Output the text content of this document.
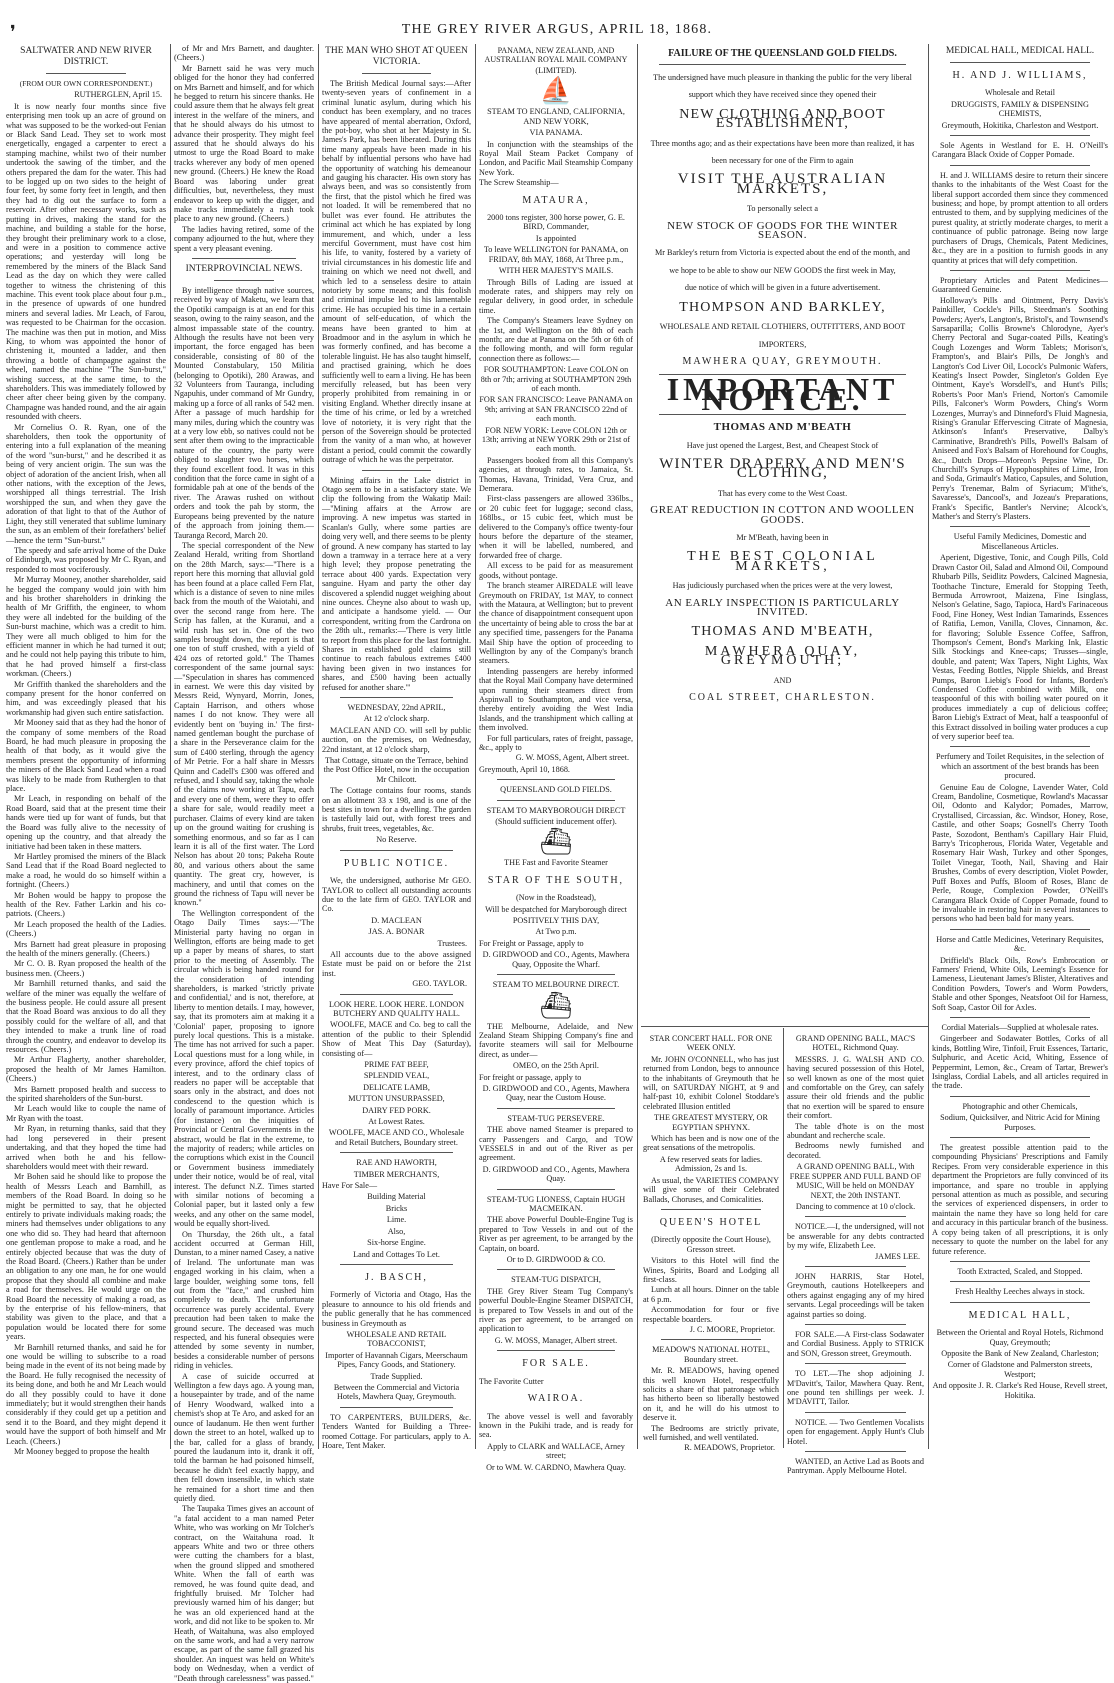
❜	THE GREY RIVER ARGUS, APRIL 18, 1868.
SALTWATER AND NEW RIVER DISTRICT.
(FROM OUR OWN CORRESPONDENT.)
RUTHERGLEN, April 15.

It is now nearly four months since five enterprising men took up an acre of ground on what was supposed to be the worked-out Fenian or Black Sand Lead. They set to work most energetically, engaged a carpenter to erect a stamping machine, whilst two of their number undertook the sawing of the timber, and the others prepared the dam for the water. This had to be logged up on two sides to the height of four feet, by some forty feet in length, and then they had to dig out the surface to form a reservoir. After other necessary works, such as putting in drives, making the stand for the machine, and building a stable for the horse, they brought their preliminary work to a close, and were in a position to commence active operations; and yesterday will long be remembered by the miners of the Black Sand Lead as the day on which they were called together to witness the christening of this machine. This event took place about four p.m., in the presence of upwards of one hundred miners and several ladies. Mr Leach, of Farou, was requested to be Chairman for the occasion. The machine was then put in motion, and Miss King, to whom was appointed the honor of christening it, mounted a ladder, and then throwing a bottle of champagne against the wheel, named the machine "The Sun-burst," wishing success, at the same time, to the shareholders. This was immediately followed by cheer after cheer being given by the company. Champagne was handed round, and the air again resounded with cheers.

Mr Cornelius O. R. Ryan, one of the shareholders, then took the opportunity of entering into a full explanation of the meaning of the word "sun-burst," and he described it as being of very ancient origin. The sun was the object of adoration of the ancient Irish, when all other nations, with the exception of the Jews, worshipped all things terrestrial. The Irish worshipped the sun, and when they gave the adoration of that light to that of the Author of Light, they still venerated that sublime luminary the sun, as an emblem of their forefathers' belief—hence the term "Sun-burst."

The speedy and safe arrival home of the Duke of Edinburgh, was proposed by Mr C. Ryan, and responded to most vociferously.

Mr Murray Mooney, another shareholder, said he begged the company would join with him and his brother shareholders in drinking the health of Mr Griffith, the engineer, to whom they were all indebted for the building of the Sun-burst machine, which was a credit to him. They were all much obliged to him for the efficient manner in which he had turned it out; and he could not help paying this tribute to him, that he had proved himself a first-class workman. (Cheers.)

Mr Griffith thanked the shareholders and the company present for the honor conferred on him, and was exceedingly pleased that his workmanship had given such entire satisfaction.

Mr Mooney said that as they had the honor of the company of some members of the Road Board, he had much pleasure in proposing the health of that body, as it would give the members present the opportunity of informing the miners of the Black Sand Lead when a road was likely to be made from Rutherglen to that place.

Mr Leach, in responding on behalf of the Road Board, said that at the present time their hands were tied up for want of funds, but that the Board was fully alive to the necessity of opening up the country, and that already the initiative had been taken in these matters.

Mr Hartley promised the miners of the Black Sand Lead that if the Road Board neglected to make a road, he would do so himself within a fortnight. (Cheers.)

Mr Bohen would be happy to propose the health of the Rev. Father Larkin and his co-patriots. (Cheers.)

Mr Leach proposed the health of the Ladies. (Cheers.)

Mrs Barnett had great pleasure in proposing the health of the miners generally. (Cheers.)

Mr C. O. B. Ryan proposed the health of the business men. (Cheers.)

Mr Barnhill returned thanks, and said the welfare of the miner was equally the welfare of the business people. He could assure all present that the Road Board was anxious to do all they possibly could for the welfare of all, and that they intended to make a trunk line of road through the country, and endeavor to develop its resources. (Cheers.)

Mr Arthur Flagherty, another shareholder, proposed the health of Mr James Hamilton. (Cheers.)

Mrs Barnett proposed health and success to the spirited shareholders of the Sun-burst.

Mr Leach would like to couple the name of Mr Ryan with the toast.

Mr Ryan, in returning thanks, said that they had long persevered in their present undertaking, and that they hoped the time had arrived when both he and his fellow-shareholders would meet with their reward.

Mr Bohen said he should like to propose the health of Messrs Leach and Barnhill, as members of the Road Board. In doing so he might be permitted to say, that he objected entirely to private individuals making roads; the miners had themselves under obligations to any one who did so. They had heard that afternoon one gentleman propose to make a road, and he entirely objected because that was the duty of the Road Board. (Cheers.) Rather than be under an obligation to any one man, he for one would propose that they should all combine and make a road for themselves. He would urge on the Road Board the necessity of making a road, as by the enterprise of his fellow-miners, that stability was given to the place, and that a population would be located there for some years.

Mr Barnhill returned thanks, and said he for one would be willing to subscribe to a road being made in the event of its not being made by the Board. He fully recognised the necessity of its being done, and both he and Mr Leach would do all they possibly could to have it done immediately; but it would strengthen their hands considerably if they could get up a petition and send it to the Board, and they might depend it would have the support of both himself and Mr Leach. (Cheers.)

Mr Mooney begged to propose the health

of Mr and Mrs Barnett, and daughter. (Cheers.)

Mr Barnett said he was very much obliged for the honor they had conferred on Mrs Barnett and himself, and for which he begged to return his sincere thanks. He could assure them that he always felt great interest in the welfare of the miners, and that he should always do his utmost to advance their prosperity. They might feel assured that he should always do his utmost to urge the Road Board to make tracks wherever any body of men opened new ground. (Cheers.) He knew the Road Board was laboring under great difficulties, but, nevertheless, they must endeavor to keep up with the digger, and make tracks immediately a rush took place to any new ground. (Cheers.)

The ladies having retired, some of the company adjourned to the hut, where they spent a very pleasant evening.

INTERPROVINCIAL NEWS.

By intelligence through native sources, received by way of Maketu, we learn that the Opotiki campaign is at an end for this season, owing to the rainy season, and the almost impassable state of the country. Although the results have not been very important, the force engaged has been considerable, consisting of 80 of the Mounted Constabulary, 150 Militia (belonging to Opotiki), 280 Arawas, and 32 Volunteers from Tauranga, including Ngapuhis, under command of Mr Gundry, making up a force of all ranks of 542 men. After a passage of much hardship for many miles, during which the country was at a very low ebb, so natives could not be sent after them owing to the impracticable nature of the country, the party were obliged to slaughter two horses, which they found excellent food. It was in this condition that the force came in sight of a formidable pah at one of the bends of the river. The Arawas rushed on without orders and took the pah by storm, the Europeans being prevented by the nature of the approach from joining them.—Tauranga Record, March 20.

The special correspondent of the New Zealand Herald, writing from Shortland on the 28th March, says:—"There is a report here this morning that alluvial gold has been found at a place called Fern Flat, which is a distance of seven to nine miles back from the mouth of the Waiotahi, and over the second range from here. The Scrip has fallen, at the Kuranui, and a wild rush has set in. One of the two samples brought down, the report is that one ton of stuff crushed, with a yield of 424 ozs of retorted gold." The Thames correspondent of the same journal says:—"Speculation in shares has commenced in earnest. We were this day visited by Messrs Reid, Wynyard, Morrin, Jones, Captain Harrison, and others whose names I do not know. They were all evidently bent on 'buying in.' The first-named gentleman bought the purchase of a share in the Perseverance claim for the sum of £400 sterling, through the agency of Mr Petrie. For a half share in Messrs Quinn and Cadell's £300 was offered and refused, and I should say, taking the whole of the claims now working at Tapu, each and every one of them, were they to offer a share for sale, would readily meet a purchaser. Claims of every kind are taken up on the ground waiting for crushing is something enormous, and so far as I can learn it is all of the first water. The Lord Nelson has about 20 tons; Pakeha Route 80, and various others about the same quantity. The great cry, however, is machinery, and until that comes on the ground the richness of Tapu will never be known."

The Wellington correspondent of the Otago Daily Times says:—"The Ministerial party having no organ in Wellington, efforts are being made to get up a paper by means of shares, to start prior to the meeting of Assembly. The circular which is being handed round for the consideration of intending shareholders, is marked 'strictly private and confidential,' and is not, therefore, at liberty to mention details. I may, however, say, that its promoters aim at making it a 'Colonial' paper, proposing to ignore purely local questions. This is a mistake. The time has not arrived for such a paper. Local questions must for a long while, in every province, afford the chief topics of interest, and to the ordinary class of readers no paper will be acceptable that soars only in the abstract, and does not condescend to the question which is locally of paramount importance. Articles (for instance) on the iniquities of Provincial or Central Governments in the abstract, would be flat in the extreme, to the majority of readers; while articles on the corruptions which exist in the Council or Government business immediately under their notice, would be of real, vital interest. The defunct N.Z. Times started with similar notions of becoming a Colonial paper, but it lasted only a few weeks, and any other on the same model, would be equally short-lived.

On Thursday, the 26th ult., a fatal accident occurred at German Hill, Dunstan, to a miner named Casey, a native of Ireland. The unfortunate man was engaged working in his claim, when a large boulder, weighing some tons, fell out from the "face," and crushed him completely to death. The unfortunate occurrence was purely accidental. Every precaution had been taken to make the ground secure. The deceased was much respected, and his funeral obsequies were attended by some seventy in number, besides a considerable number of persons riding in vehicles.

A case of suicide occurred at Wellington a few days ago. A young man, a housepainter by trade, and of the name of Henry Woodward, walked into a chemist's shop at Te Aro, and asked for an ounce of laudanum. He then went further down the street to an hotel, walked up to the bar, called for a glass of brandy, poured the laudanum into it, drank it off, told the barman he had poisoned himself, because he didn't feel exactly happy, and then fell down insensible, in which state he remained for a short time and then quietly died.

The Taupaka Times gives an account of "a fatal accident to a man named Peter White, who was working on Mr Tolcher's contract, on the Waitahuna road. It appears White and two or three others were cutting the chambers for a blast, when the ground slipped and smothered White. When the fall of earth was removed, he was found quite dead, and frightfully bruised. Mr Tolcher had previously warned him of his danger; but he was an old experienced hand at the work, and did not like to be spoken to. Mr Heath, of Waitahuna, was also employed on the same work, and had a very narrow escape, as part of the same fall grazed his shoulder. An inquest was held on White's body on Wednesday, when a verdict of "Death through carelessness" was passed."

THE MAN WHO SHOT AT QUEEN VICTORIA.

The British Medical Journal says:—After twenty-seven years of confinement in a criminal lunatic asylum, during which his conduct has been exemplary, and no traces have appeared of mental aberration, Oxford, the pot-boy, who shot at her Majesty in St. James's Park, has been liberated. During this time many appeals have been made in his behalf by influential persons who have had the opportunity of watching his demeanour and gauging his character. His own story has always been, and was so consistently from the first, that the pistol which he fired was not loaded. It will be remembered that no bullet was ever found. He attributes the criminal act which he has expiated by long immurement, and which, under a less merciful Government, must have cost him his life, to vanity, fostered by a variety of trivial circumstances in his domestic life and training on which we need not dwell, and which led to a senseless desire to attain notoriety by some means; and this foolish and criminal impulse led to his lamentable crime. He has occupied his time in a certain amount of self-education, of which the means have been granted to him at Broadmoor and in the asylum in which he was formerly confined, and has become a tolerable linguist. He has also taught himself, and practised graining, which he does sufficiently well to earn a living. He has been mercifully released, but has been very properly prohibited from remaining in or visiting England. Whether directly insane at the time of his crime, or led by a wretched love of notoriety, it is very right that the person of the Sovereign should be protected from the vanity of a man who, at however distant a period, could commit the cowardly outrage of which he was the perpetrator.

Mining affairs in the Lake district in Otago seem to be in a satisfactory state. We clip the following from the Wakatip Mail:—"Mining affairs at the Arrow are improving. A new impetus was started in Scanlan's Gully, where some parties are doing very well, and there seems to be plenty of ground. A new company has started to lay down a tramway in a terrace here at a very high level; they propose penetrating the terrace about 400 yards. Expectation very sanguine. Hyam and party the other day discovered a splendid nugget weighing about nine ounces. Cheyne also about to wash up, and anticipate a handsome yield. — Our correspondent, writing from the Cardrona on the 28th ult., remarks:—'There is very little to report from this place for the last fortnight. Shares in established gold claims still continue to reach fabulous extremes £400 having been given in two instances for shares, and £500 having been actually refused for another share.'"

WEDNESDAY, 22nd APRIL,
At 12 o'clock sharp.

MACLEAN AND CO. will sell by public auction, on the premises, on Wednesday, 22nd instant, at 12 o'clock sharp,

That Cottage, situate on the Terrace, behind the Post Office Hotel, now in the occupation Mr Chilcott.

The Cottage contains four rooms, stands on an allotment 33 x 198, and is one of the best sites in town for a dwelling. The garden is tastefully laid out, with forest trees and shrubs, fruit trees, vegetables, &c.

No Reserve.
PUBLIC NOTICE.

We, the undersigned, authorise Mr GEO. TAYLOR to collect all outstanding accounts due to the late firm of GEO. TAYLOR and Co.

D. MACLEAN
JAS. A. BONAR
Trustees.

All accounts due to the above assigned Estate must be paid on or before the 21st inst.

GEO. TAYLOR.
LOOK HERE. LOOK HERE. LONDON BUTCHERY AND QUALITY HALL.

WOOLFE, MACE and Co. beg to call the attention of the public to their Splendid Show of Meat This Day (Saturday), consisting of—

PRIME FAT BEEF,
SPLENDID VEAL,
DELICATE LAMB,
MUTTON UNSURPASSED,
DAIRY FED PORK.
At Lowest Rates.
WOOLFE, MACE AND CO., Wholesale and Retail Butchers, Boundary street.
RAE AND HAWORTH,
TIMBER MERCHANTS,
Have For Sale—
Building Material
Bricks
Lime.
Also,
Six-horse Engine.
Land and Cottages To Let.
J. BASCH,

Formerly of Victoria and Otago, Has the pleasure to announce to his old friends and the public generally that he has commenced business in Greymouth as

WHOLESALE AND RETAIL TOBACCONIST,
Importer of Havannah Cigars, Meerschaum Pipes, Fancy Goods, and Stationery.
Trade Supplied.
Between the Commercial and Victoria Hotels, Mawhera Quay, Greymouth.

TO CARPENTERS, BUILDERS, &c. Tenders Wanted for Building a Three-roomed Cottage. For particulars, apply to A. Hoare, Tent Maker.

PANAMA, NEW ZEALAND, AND AUSTRALIAN ROYAL MAIL COMPANY
(LIMITED).
⛵
STEAM TO ENGLAND, CALIFORNIA, AND NEW YORK,
VIA PANAMA.

In conjunction with the steamships of the Royal Mail Steam Packet Company of London, and Pacific Mail Steamship Company New York.

The Screw Steamship—
MATAURA,

2000 tons register, 300 horse power, G. E. BIRD, Commander,

Is appointed

To leave WELLINGTON for PANAMA, on FRIDAY, 8th MAY, 1868, At Three p.m.,

WITH HER MAJESTY'S MAILS.

Through Bills of Lading are issued at moderate rates, and shippers may rely on regular delivery, in good order, in schedule time.

The Company's Steamers leave Sydney on the 1st, and Wellington on the 8th of each month; are due at Panama on the 5th or 6th of the following month, and will form regular connection there as follows:—

FOR SOUTHAMPTON: Leave COLON on 8th or 7th; arriving at SOUTHAMPTON 29th of each month.

FOR SAN FRANCISCO: Leave PANAMA on 9th; arriving at SAN FRANCISCO 22nd of each month.

FOR NEW YORK: Leave COLON 12th or 13th; arriving at NEW YORK 29th or 21st of each month.

Passengers booked from all this Company's agencies, at through rates, to Jamaica, St. Thomas, Havana, Trinidad, Vera Cruz, and Demerara.

First-class passengers are allowed 336lbs., or 20 cubic feet for luggage; second class, 168lbs., or 15 cubic feet, which must be delivered to the Company's office twenty-four hours before the departure of the steamer, when it will be labelled, numbered, and forwarded free of charge.

All excess to be paid for as measurement goods, without pontage.

The branch steamer AIREDALE will leave Greymouth on FRIDAY, 1st MAY, to connect with the Mataura, at Wellington; but to prevent the chance of disappointment consequent upon the uncertainty of being able to cross the bar at any specified time, passengers for the Panama Mail Ship have the option of proceeding to Wellington by any of the Company's branch steamers.

Intending passengers are hereby informed that the Royal Mail Company have determined upon running their steamers direct from Aspinwall to Southampton, and vice versa, thereby entirely avoiding the West India Islands, and the transhipment which calling at them involved.

For full particulars, rates of freight, passage, &c., apply to

G. W. MOSS, Agent, Albert street.
Greymouth, April 10, 1868.
QUEENSLAND GOLD FIELDS.
STEAM TO MARYBOROUGH DIRECT
(Should sufficient inducement offer).
⛴
THE Fast and Favorite Steamer
STAR OF THE SOUTH,
(Now in the Roadstead),
Will be despatched for Maryborough direct
POSITIVELY THIS DAY,
At Two p.m.
For Freight or Passage, apply to
D. GIRDWOOD and CO., Agents, Mawhera Quay, Opposite the Wharf.
STEAM TO MELBOURNE DIRECT.
⛴

THE Melbourne, Adelaide, and New Zealand Steam Shipping Company's fine and favorite steamers will sail for Melbourne direct, as under—

OMEO, on the 25th April.
For freight or passage, apply to
D. GIRDWOOD and CO., Agents, Mawhera Quay, near the Custom House.
STEAM-TUG PERSEVERE.

THE above named Steamer is prepared to carry Passengers and Cargo, and TOW VESSELS in and out of the River as per agreement.

D. GIRDWOOD and CO., Agents, Mawhera Quay.
STEAM-TUG LIONESS, Captain HUGH MACMEIKAN.

THE above Powerful Double-Engine Tug is prepared to Tow Vessels in and out of the River as per agreement, to be arranged by the Captain, on board.

Or to D. GIRDWOOD & CO.
STEAM-TUG DISPATCH,

THE Grey River Steam Tug Company's powerful Double-Engine Steamer DISPATCH, is prepared to Tow Vessels in and out of the river as per agreement, to be arranged on application to

G. W. MOSS, Manager, Albert street.
FOR SALE.
The Favorite Cutter
WAIROA.

The above vessel is well and favorably known in the Pukihi trade, and is ready for sea.

Apply to CLARK and WALLACE, Arney street;
Or to WM. W. CARDNO, Mawhera Quay.
FAILURE OF THE QUEENSLAND GOLD FIELDS.
The undersigned have much pleasure in thanking the public for the very liberal
support which they have received since they opened their
NEW CLOTHING AND BOOT ESTABLISHMENT,
Three months ago; and as their expectations have been more than realized, it has
been necessary for one of the Firm to again
VISIT THE AUSTRALIAN MARKETS,
To personally select a
NEW STOCK OF GOODS FOR THE WINTER SEASON.
Mr Barkley's return from Victoria is expected about the end of the month, and
we hope to be able to show our NEW GOODS the first week in May,
due notice of which will be given in a future advertisement.
THOMPSON AND BARKLEY,
WHOLESALE AND RETAIL CLOTHIERS, OUTFITTERS, AND BOOT
IMPORTERS,
MAWHERA QUAY, GREYMOUTH.
IMPORTANT NOTICE.
THOMAS AND M'BEATH
Have just opened the Largest, Best, and Cheapest Stock of
WINTER DRAPERY, AND MEN'S CLOTHING,
That has every come to the West Coast.
GREAT REDUCTION IN COTTON AND WOOLLEN GOODS.
Mr M'Beath, having been in
THE BEST COLONIAL MARKETS,
Has judiciously purchased when the prices were at the very lowest,
AN EARLY INSPECTION IS PARTICULARLY INVITED.
THOMAS AND M'BEATH,
MAWHERA QUAY, GREYMOUTH;
AND
COAL STREET, CHARLESTON.
STAR CONCERT HALL. FOR ONE WEEK ONLY.

Mr. JOHN O'CONNELL, who has just returned from London, begs to announce to the inhabitants of Greymouth that he will, on SATURDAY NIGHT, at 9 and half-past 10, exhibit Colonel Stoddare's celebrated Illusion entitled

THE GREATEST MYSTERY, OR EGYPTIAN SPHYNX.

Which has been and is now one of the great sensations of the metropolis.

A few reserved seats for ladies. Admission, 2s and 1s.

As usual, the VARIETIES COMPANY will give some of their Celebrated Ballads, Choruses, and Comicalities.

QUEEN'S HOTEL
(Directly opposite the Court House), Gresson street.

Visitors to this Hotel will find the Wines, Spirits, Board and Lodging all first-class.

Lunch at all hours. Dinner on the table at 6 p.m.

Accommodation for four or five respectable boarders.

J. C. MOORE, Proprietor.
MEADOW'S NATIONAL HOTEL, Boundary street.

Mr. R. MEADOWS, having opened this well known Hotel, respectfully solicits a share of that patronage which has hitherto been so liberally bestowed on it, and he will do his utmost to deserve it.

The Bedrooms are strictly private, well furnished, and well ventilated.

R. MEADOWS, Proprietor.
GRAND OPENING BALL, MAC'S HOTEL, Richmond Quay.

MESSRS. J. G. WALSH AND CO. having secured possession of this Hotel, so well known as one of the most quiet and comfortable on the Grey, can safely assure their old friends and the public that no exertion will be spared to ensure their comfort.

The table d'hote is on the most abundant and recherche scale.

Bedrooms newly furnished and decorated.

A GRAND OPENING BALL, With FREE SUPPER AND FULL BAND OF MUSIC, Will be held on MONDAY NEXT, the 20th INSTANT.
Dancing to commence at 10 o'clock.

NOTICE.—I, the undersigned, will not be answerable for any debts contracted by my wife, Elizabeth Lee.

JAMES LEE.

JOHN HARRIS, Star Hotel, Greymouth, cautions Hotelkeepers and others against engaging any of my hired servants. Legal proceedings will be taken against parties so doing.

FOR SALE.—A First-class Sodawater and Cordial Business. Apply to STRICK and SON, Gresson street, Greymouth.

TO LET.—The shop adjoining J. M'Davitt's, Tailor, Mawhera Quay. Rent, one pound ten shillings per week. J. M'DAVITT, Tailor.

NOTICE. — Two Gentlemen Vocalists open for engagement. Apply Hunt's Club Hotel.

WANTED, an Active Lad as Boots and Pantryman. Apply Melbourne Hotel.

MEDICAL HALL, MEDICAL HALL.
H. AND J. WILLIAMS,
Wholesale and Retail
DRUGGISTS, FAMILY & DISPENSING CHEMISTS,
Greymouth, Hokitika, Charleston and Westport.

Sole Agents in Westland for E. H. O'Neill's Carangara Black Oxide of Copper Pomade.

H. and J. WILLIAMS desire to return their sincere thanks to the inhabitants of the West Coast for the liberal support accorded them since they commenced business; and hope, by prompt attention to all orders entrusted to them, and by supplying medicines of the purest quality, at strictly moderate charges, to merit a continuance of public patronage. Being now large purchasers of Drugs, Chemicals, Patent Medicines, &c., they are in a position to furnish goods in any quantity at prices that will defy competition.

Proprietary Articles and Patent Medicines—Guaranteed Genuine.

Holloway's Pills and Ointment, Perry Davis's Painkiller, Cockle's Pills, Steedman's Soothing Powders; Ayer's, Langton's, Bristol's, and Townsend's Sarsaparilla; Collis Browne's Chlorodyne, Ayer's Cherry Pectoral and Sugar-coated Pills, Keating's Cough Lozenges and Worm Tablets; Morison's, Frampton's, and Blair's Pills, De Jongh's and Langton's Cod Liver Oil, Locock's Pulmonic Wafers, Keating's Insect Powder, Singleton's Golden Eye Ointment, Kaye's Worsdell's, and Hunt's Pills; Roberts's Poor Man's Friend, Norton's Camomile Pills, Falconer's Worm Powders, Ching's Worm Lozenges, Murray's and Dinneford's Fluid Magnesia, Rising's Granular Effervescing Citrate of Magnesia, Atkinson's Infant's Preservative, Dalby's Carminative, Brandreth's Pills, Powell's Balsam of Aniseed and Fox's Balsam of Horehound for Coughs, &c., Dutch Drops—Moreon's Pepsine Wine, Dr. Churchill's Syrups of Hypophosphites of Lime, Iron and Soda, Grimault's Matico, Capsules, and Solution, Perry's Trenemar, Balm of Syriacum; M'ithe's, Savaresse's, Dancool's, and Jozeau's Preparations, Frank's Specific, Bantler's Nervine; Alcock's, Mather's and Sterry's Plasters.

Useful Family Medicines, Domestic and Miscellaneous Articles.

Aperient, Digestive, Tonic, and Cough Pills, Cold Drawn Castor Oil, Salad and Almond Oil, Compound Rhubarb Pills, Seidlitz Powders, Calcined Magnesia, Toothache Tincture, Emerald for Stopping Teeth, Bermuda Arrowroot, Maizena, Fine Isinglass, Nelson's Gelatine, Sago, Tapioca, Hard's Farinaceous Food, Fine Honey, West Indian Tamarinds, Essences of Ratifia, Lemon, Vanilla, Cloves, Cinnamon, &c. for flavoring; Soluble Essence Coffee, Saffron, Thompson's Cement, Bond's Marking Ink, Elastic Silk Stockings and Knee-caps; Trusses—single, double, and patent; Wax Tapers, Night Lights, Wax Vestas, Feeding Bottles, Nipple Shields, and Breast Pumps, Baron Liebig's Food for Infants, Borden's Condensed Coffee combined with Milk, one teaspoonful of this with boiling water poured on it produces immediately a cup of delicious coffee; Baron Liebig's Extract of Meat, half a teaspoonful of this Extract dissolved in boiling water produces a cup of very superior beef tea.

Perfumery and Toilet Requisites, in the selection of which an assortment of the best brands has been procured.

Genuine Eau de Cologne, Lavender Water, Cold Cream, Bandoline, Cosmetique, Rowland's Macassar Oil, Odonto and Kalydor; Pomades, Marrow, Crystallised, Circassian, &c. Windsor, Honey, Rose, Castile, and other Soaps; Gosnell's Cherry Tooth Paste, Sozodont, Bentham's Capillary Hair Fluid, Barry's Tricopherous, Florida Water, Vegetable and Rosemary Hair Wash, Turkey and other Sponges, Toilet Vinegar, Tooth, Nail, Shaving and Hair Brushes, Combs of every description, Violet Powder, Puff Boxes and Puffs, Bloom of Roses, Blanc de Perle, Rouge, Complexion Powder, O'Neill's Carangara Black Oxide of Copper Pomade, found to be invaluable in restoring hair in several instances to persons who had been bald for many years.

Horse and Cattle Medicines, Veterinary Requisites, &c.

Driffield's Black Oils, Row's Embrocation or Farmers' Friend, White Oils, Leeming's Essence for Lameness, Lieutenant James's Blister, Alteratives and Condition Powders, Tower's and Worm Powders, Stable and other Sponges, Neatsfoot Oil for Harness, Soft Soap, Castor Oil for Axles.

Cordial Materials—Supplied at wholesale rates.

Gingerbeer and Sodawater Bottles, Corks of all kinds, Bottling Wire, Tinfoil, Fruit Essences, Tartaric, Sulphuric, and Acetic Acid, Whiting, Essence of Peppermint, Lemon, &c., Cream of Tartar, Brewer's Isinglass, Cordial Labels, and all articles required in the trade.

Photographic and other Chemicals,
Sodium, Quicksilver, and Nitric Acid for Mining Purposes.

The greatest possible attention paid to the compounding Physicians' Prescriptions and Family Recipes. From very considerable experience in this department the Proprietors are fully convinced of its importance, and spare no trouble in applying personal attention as much as possible, and securing the services of experienced dispensers, in order to maintain the name they have so long held for care and accuracy in this particular branch of the business. A copy being taken of all prescriptions, it is only necessary to quote the number on the label for any future reference.

Tooth Extracted, Scaled, and Stopped.
Fresh Healthy Leeches always in stock.
MEDICAL HALL,
Between the Oriental and Royal Hotels, Richmond Quay, Greymouth;
Opposite the Bank of New Zealand, Charleston;
Corner of Gladstone and Palmerston streets, Westport;
And opposite J. R. Clarke's Red House, Revell street, Hokitika.
